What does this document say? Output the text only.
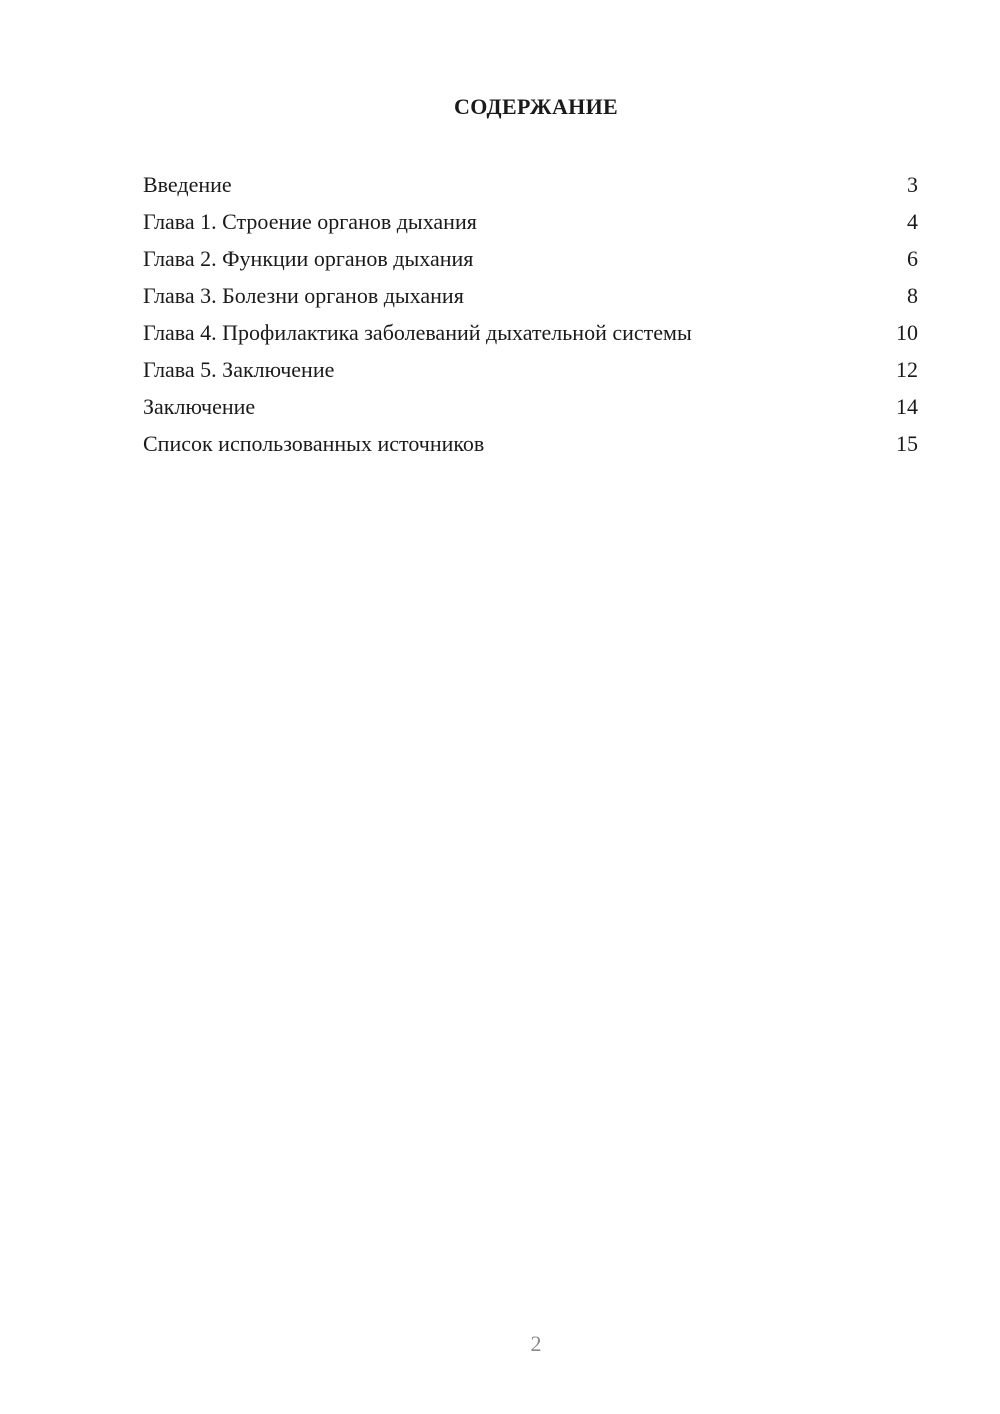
СОДЕРЖАНИЕ
Введение	3
Глава 1. Строение органов дыхания	4
Глава 2. Функции органов дыхания	6
Глава 3. Болезни органов дыхания	8
Глава 4. Профилактика заболеваний дыхательной системы	10
Глава 5. Заключение	12
Заключение	14
Список использованных источников	15
2
